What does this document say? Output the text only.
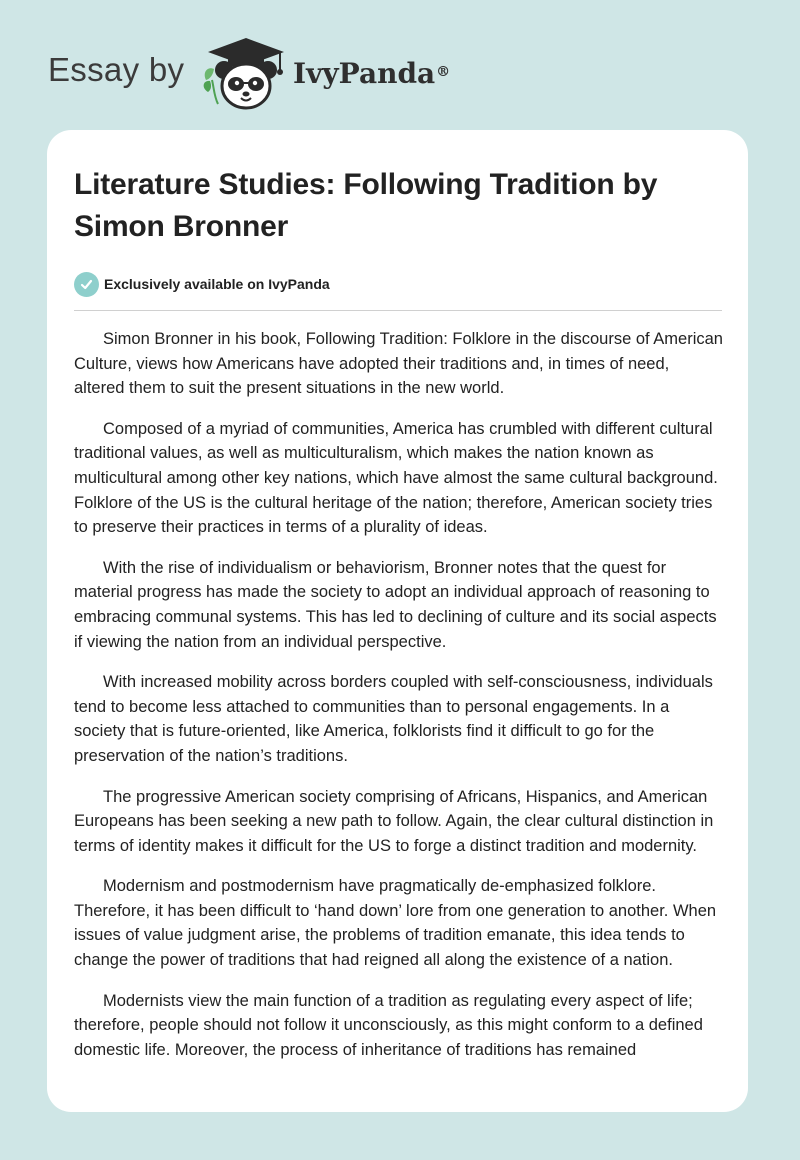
Essay by	IvyPanda®
Literature Studies: Following Tradition by Simon Bronner
Exclusively available on IvyPanda

Simon Bronner in his book, Following Tradition: Folklore in the discourse of American Culture, views how Americans have adopted their traditions and, in times of need, altered them to suit the present situations in the new world.

Composed of a myriad of communities, America has crumbled with different cultural traditional values, as well as multiculturalism, which makes the nation known as multicultural among other key nations, which have almost the same cultural background. Folklore of the US is the cultural heritage of the nation; therefore, American society tries to preserve their practices in terms of a plurality of ideas.

With the rise of individualism or behaviorism, Bronner notes that the quest for material progress has made the society to adopt an individual approach of reasoning to embracing communal systems. This has led to declining of culture and its social aspects if viewing the nation from an individual perspective.

With increased mobility across borders coupled with self-consciousness, individuals tend to become less attached to communities than to personal engagements. In a society that is future-oriented, like America, folklorists find it difficult to go for the preservation of the nation’s traditions.

The progressive American society comprising of Africans, Hispanics, and American Europeans has been seeking a new path to follow. Again, the clear cultural distinction in terms of identity makes it difficult for the US to forge a distinct tradition and modernity.

Modernism and postmodernism have pragmatically de-emphasized folklore. Therefore, it has been difficult to ‘hand down’ lore from one generation to another. When issues of value judgment arise, the problems of tradition emanate, this idea tends to change the power of traditions that had reigned all along the existence of a nation.

Modernists view the main function of a tradition as regulating every aspect of life; therefore, people should not follow it unconsciously, as this might conform to a defined domestic life. Moreover, the process of inheritance of traditions has remained
